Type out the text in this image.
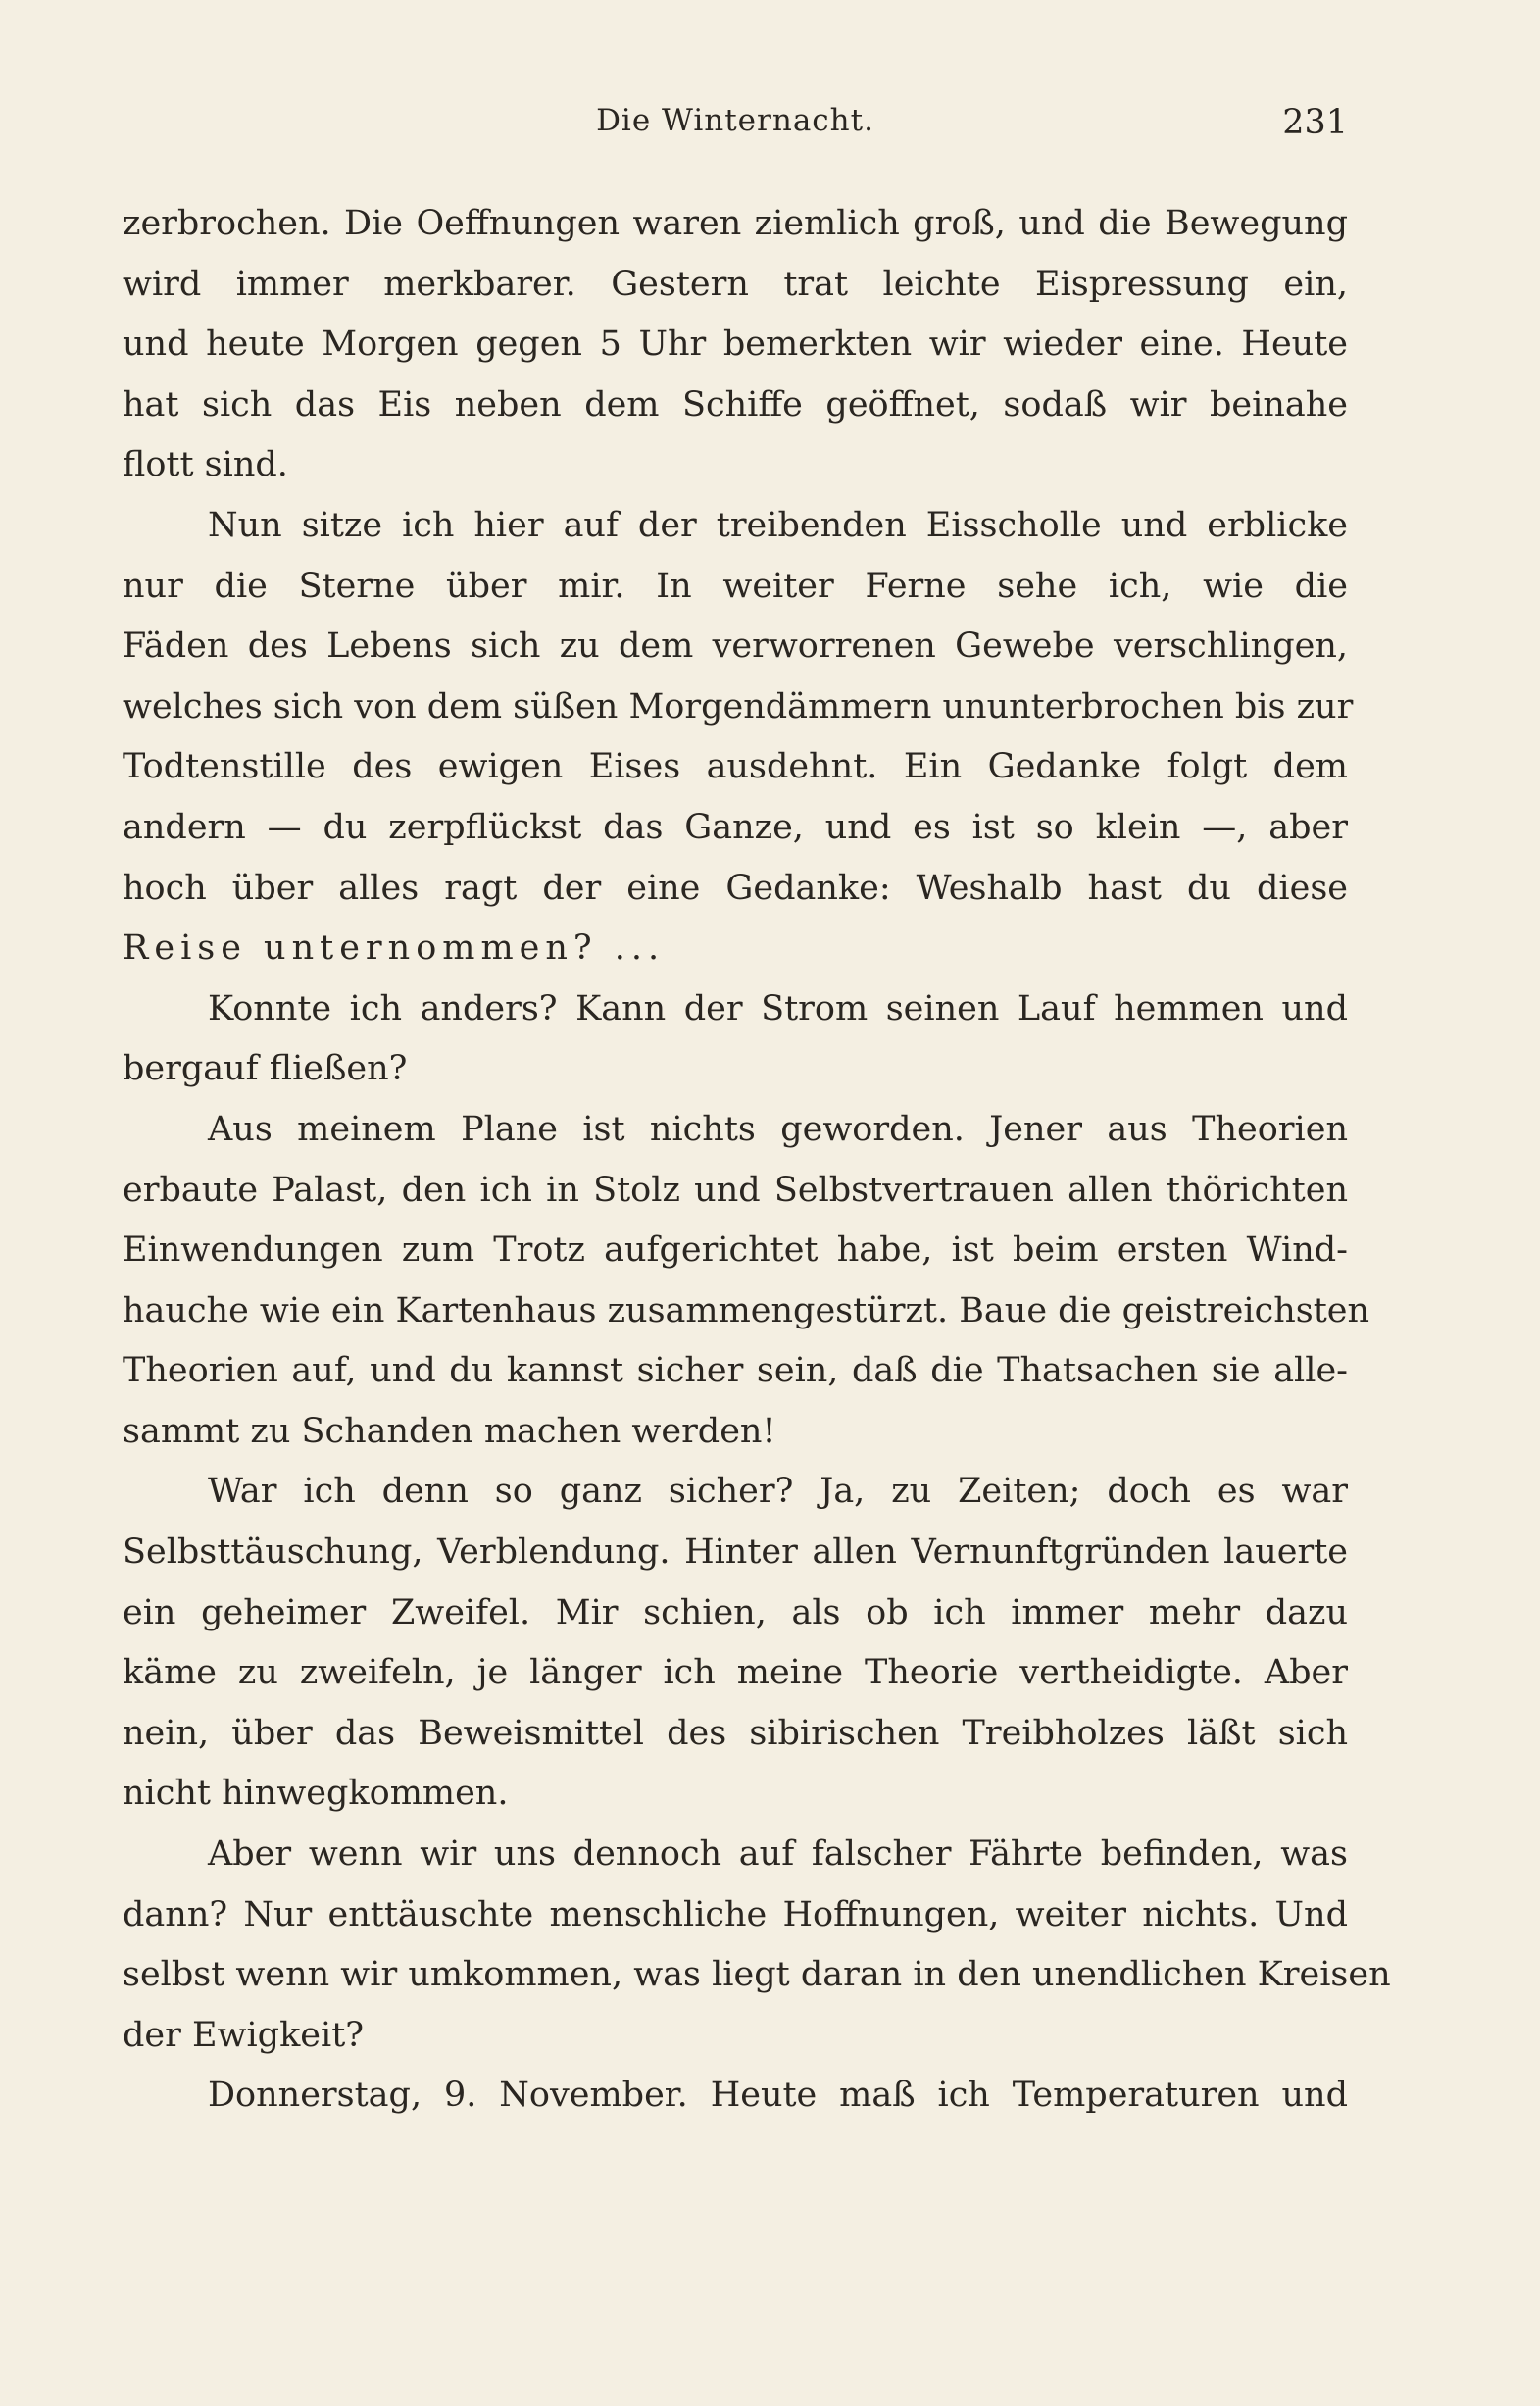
Die Winternacht.	231
zerbrochen. Die Oeffnungen waren ziemlich groß, und die Bewegung
wird immer merkbarer. Gestern trat leichte Eispressung ein,
und heute Morgen gegen 5 Uhr bemerkten wir wieder eine. Heute
hat sich das Eis neben dem Schiffe geöffnet, sodaß wir beinahe
flott sind.
Nun sitze ich hier auf der treibenden Eisscholle und erblicke
nur die Sterne über mir. In weiter Ferne sehe ich, wie die
Fäden des Lebens sich zu dem verworrenen Gewebe verschlingen,
welches sich von dem süßen Morgendämmern ununterbrochen bis zur
Todtenstille des ewigen Eises ausdehnt. Ein Gedanke folgt dem
andern — du zerpflückst das Ganze, und es ist so klein —, aber
hoch über alles ragt der eine Gedanke: Weshalb hast du diese
Reise unternommen? ...
Konnte ich anders? Kann der Strom seinen Lauf hemmen und
bergauf fließen?
Aus meinem Plane ist nichts geworden. Jener aus Theorien
erbaute Palast, den ich in Stolz und Selbstvertrauen allen thörichten
Einwendungen zum Trotz aufgerichtet habe, ist beim ersten Wind-
hauche wie ein Kartenhaus zusammengestürzt. Baue die geistreichsten
Theorien auf, und du kannst sicher sein, daß die Thatsachen sie alle-
sammt zu Schanden machen werden!
War ich denn so ganz sicher? Ja, zu Zeiten; doch es war
Selbsttäuschung, Verblendung. Hinter allen Vernunftgründen lauerte
ein geheimer Zweifel. Mir schien, als ob ich immer mehr dazu
käme zu zweifeln, je länger ich meine Theorie vertheidigte. Aber
nein, über das Beweismittel des sibirischen Treibholzes läßt sich
nicht hinwegkommen.
Aber wenn wir uns dennoch auf falscher Fährte befinden, was
dann? Nur enttäuschte menschliche Hoffnungen, weiter nichts. Und
selbst wenn wir umkommen, was liegt daran in den unendlichen Kreisen
der Ewigkeit?
Donnerstag, 9. November. Heute maß ich Temperaturen und
